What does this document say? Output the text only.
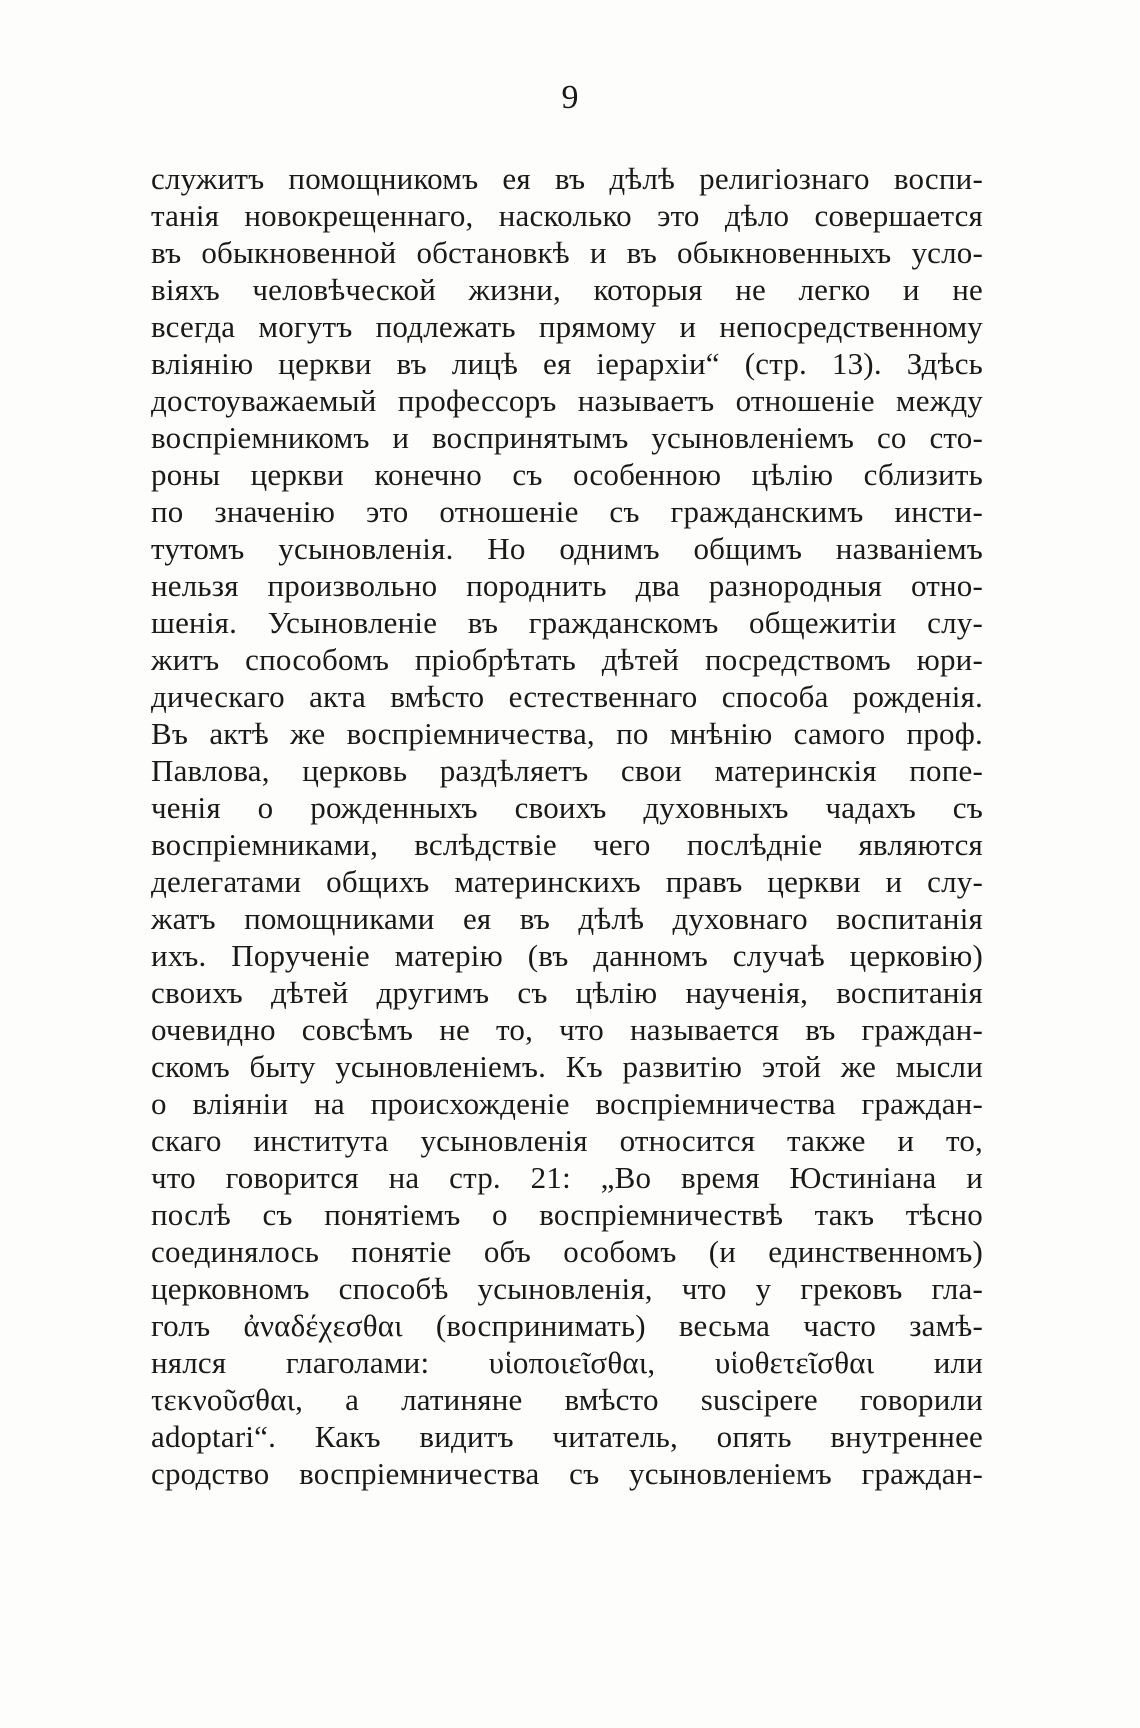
9
служитъ помощникомъ ея въ дѣлѣ религіознаго воспи-
танія новокрещеннаго, насколько это дѣло совершается
въ обыкновенной обстановкѣ и въ обыкновенныхъ усло-
віяхъ человѣческой жизни, которыя не легко и не
всегда могутъ подлежать прямому и непосредственному
вліянію церкви въ лицѣ ея іерархіи“ (стр. 13). Здѣсь
достоуважаемый профессоръ называетъ отношеніе между
воспріемникомъ и воспринятымъ усыновленіемъ со сто-
роны церкви конечно съ особенною цѣлію сблизить
по значенію это отношеніе съ гражданскимъ инсти-
тутомъ усыновленія. Но однимъ общимъ названіемъ
нельзя произвольно породнить два разнородныя отно-
шенія. Усыновленіе въ гражданскомъ общежитіи слу-
житъ способомъ пріобрѣтать дѣтей посредствомъ юри-
дическаго акта вмѣсто естественнаго способа рожденія.
Въ актѣ же воспріемничества, по мнѣнію самого проф.
Павлова, церковь раздѣляетъ свои материнскія попе-
ченія о рожденныхъ своихъ духовныхъ чадахъ съ
воспріемниками, вслѣдствіе чего послѣдніе являются
делегатами общихъ материнскихъ правъ церкви и слу-
жатъ помощниками ея въ дѣлѣ духовнаго воспитанія
ихъ. Порученіе матерію (въ данномъ случаѣ церковію)
своихъ дѣтей другимъ съ цѣлію наученія, воспитанія
очевидно совсѣмъ не то, что называется въ граждан-
скомъ быту усыновленіемъ. Къ развитію этой же мысли
о вліяніи на происхожденіе воспріемничества граждан-
скаго института усыновленія относится также и то,
что говорится на стр. 21: „Во время Юстиніана и
послѣ съ понятіемъ о воспріемничествѣ такъ тѣсно
соединялось понятіе объ особомъ (и единственномъ)
церковномъ способѣ усыновленія, что у грековъ гла-
голъ ἀναδέχεσθαι (воспринимать) весьма часто замѣ-
нялся глаголами: υἱοποιεῖσθαι, υἱοθετεῖσθαι или
τεκνοῦσθαι, а латиняне вмѣсто suscipere говорили
adoptari“. Какъ видитъ читатель, опять внутреннее
сродство воспріемничества съ усыновленіемъ граждан-
